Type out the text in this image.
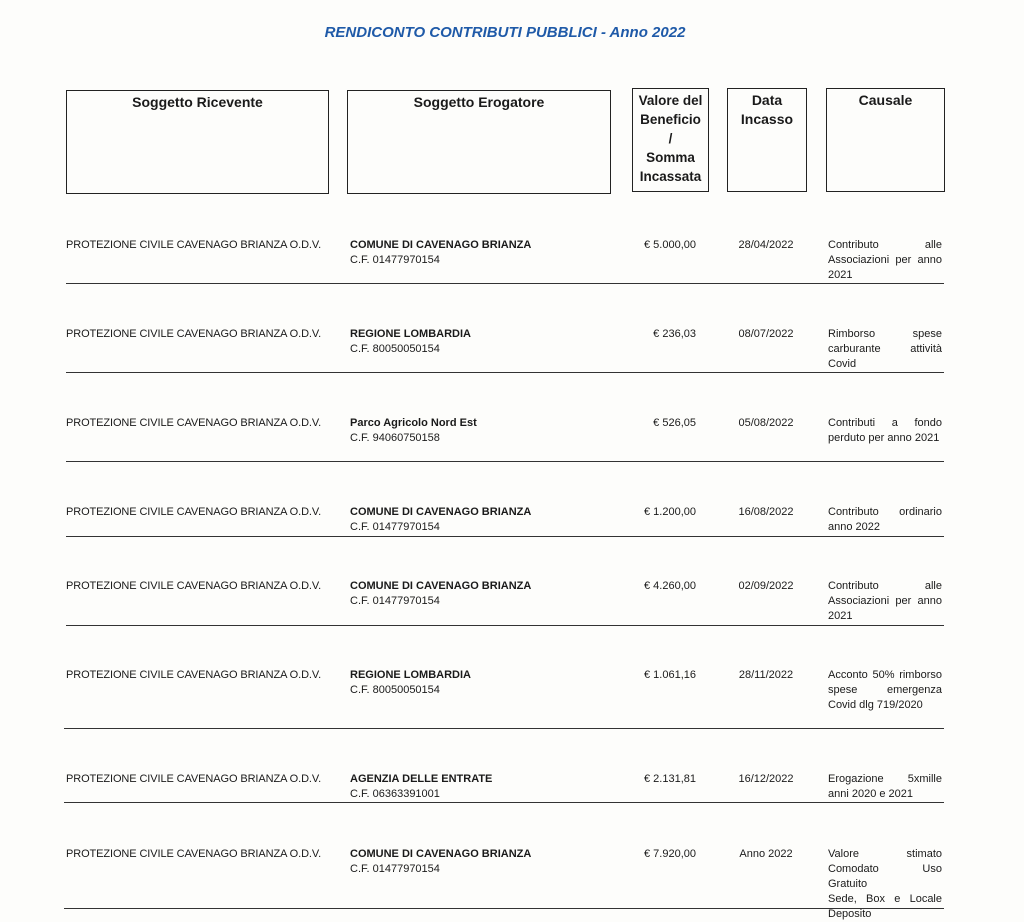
RENDICONTO CONTRIBUTI PUBBLICI - Anno 2022
Soggetto Ricevente	Soggetto Erogatore	Valore del
Beneficio
/
Somma
Incassata
Data
Incasso
Causale
PROTEZIONE CIVILE CAVENAGO BRIANZA O.D.V.	COMUNE DI CAVENAGO BRIANZA
C.F. 01477970154
€ 5.000,00	28/04/2022	Contributo alle
Associazioni per anno
2021
PROTEZIONE CIVILE CAVENAGO BRIANZA O.D.V.	REGIONE LOMBARDIA
C.F. 80050050154
€ 236,03	08/07/2022	Rimborso spese
carburante attività
Covid
PROTEZIONE CIVILE CAVENAGO BRIANZA O.D.V.	Parco Agricolo Nord Est
C.F. 94060750158
€ 526,05	05/08/2022	Contributi a fondo
perduto per anno 2021
PROTEZIONE CIVILE CAVENAGO BRIANZA O.D.V.	COMUNE DI CAVENAGO BRIANZA
C.F. 01477970154
€ 1.200,00	16/08/2022	Contributo ordinario
anno 2022
PROTEZIONE CIVILE CAVENAGO BRIANZA O.D.V.	COMUNE DI CAVENAGO BRIANZA
C.F. 01477970154
€ 4.260,00	02/09/2022	Contributo alle
Associazioni per anno
2021
PROTEZIONE CIVILE CAVENAGO BRIANZA O.D.V.	REGIONE LOMBARDIA
C.F. 80050050154
€ 1.061,16	28/11/2022	Acconto 50% rimborso
spese emergenza
Covid dlg 719/2020
PROTEZIONE CIVILE CAVENAGO BRIANZA O.D.V.	AGENZIA DELLE ENTRATE
C.F. 06363391001
€ 2.131,81	16/12/2022	Erogazione 5xmille
anni 2020 e 2021
PROTEZIONE CIVILE CAVENAGO BRIANZA O.D.V.	COMUNE DI CAVENAGO BRIANZA
C.F. 01477970154
€ 7.920,00	Anno 2022	Valore stimato
Comodato Uso Gratuito
Sede, Box e Locale
Deposito
